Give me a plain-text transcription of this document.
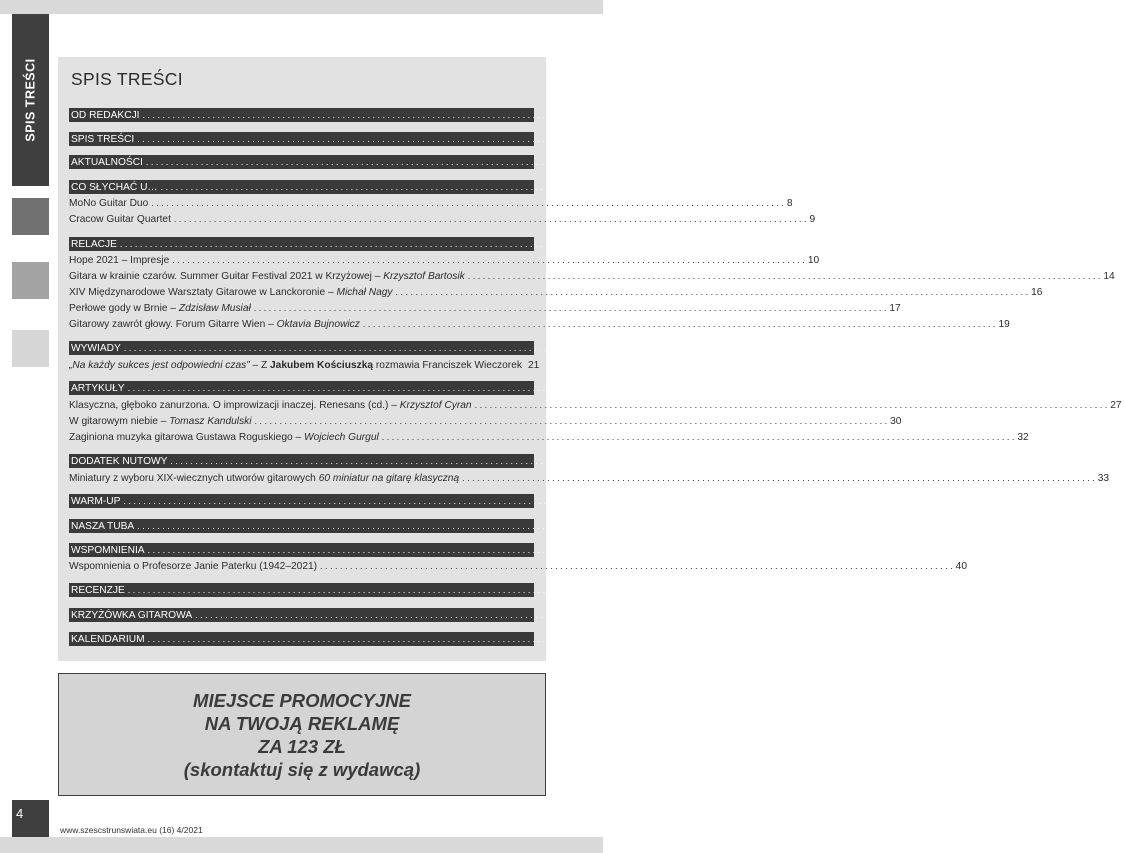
SPIS TREŚCI SPIS TREŚCI
OD REDAKCJI . . .	3
SPIS TREŚCI . . .	4
AKTUALNOŚCI . . .	5
CO SŁYCHAĆ U… . . .	8
MoNo Guitar Duo . . .	8
Cracow Guitar Quartet . . .	9
RELACJE . . .	10
Hope 2021 – Impresje . . .	10
Gitara w krainie czarów. Summer Guitar Festival 2021 w Krzyżowej – Krzysztof Bartosik . . .	14
XIV Międzynarodowe Warsztaty Gitarowe w Lanckoronie – Michał Nagy . . .	16
Perłowe gody w Brnie – Zdzisław Musiał . . .	17
Gitarowy zawrót głowy. Forum Gitarre Wien – Oktavia Bujnowicz . . .	19
WYWIADY . . .	21
„Na każdy sukces jest odpowiedni czas” – Z Jakubem Kościuszką rozmawia Franciszek Wieczorek 21
ARTYKUŁY . . .	27
Klasyczna, głęboko zanurzona. O improwizacji inaczej. Renesans (cd.) – Krzysztof Cyran . . .	27
W gitarowym niebie – Tomasz Kandulski . . .	30
Zaginiona muzyka gitarowa Gustawa Roguskiego – Wojciech Gurgul . . .	32
DODATEK NUTOWY . . .	33
Miniatury z wyboru XIX-wiecznych utworów gitarowych 60 miniatur na gitarę klasyczną . . .	33
WARM-UP . . .	38
NASZA TUBA . . .	39
WSPOMNIENIA . . .	40
Wspomnienia o Profesorze Janie Paterku (1942–2021) . . .	40
RECENZJE . . .	43
KRZYŻÓWKA GITAROWA . . .	45
KALENDARIUM . . .	46
MIEJSCE PROMOCYJNE
NA TWOJĄ REKLAMĘ
ZA 123 ZŁ
(skontaktuj się z wydawcą)
4
www.szescstrunswiata.eu (16) 4/2021
